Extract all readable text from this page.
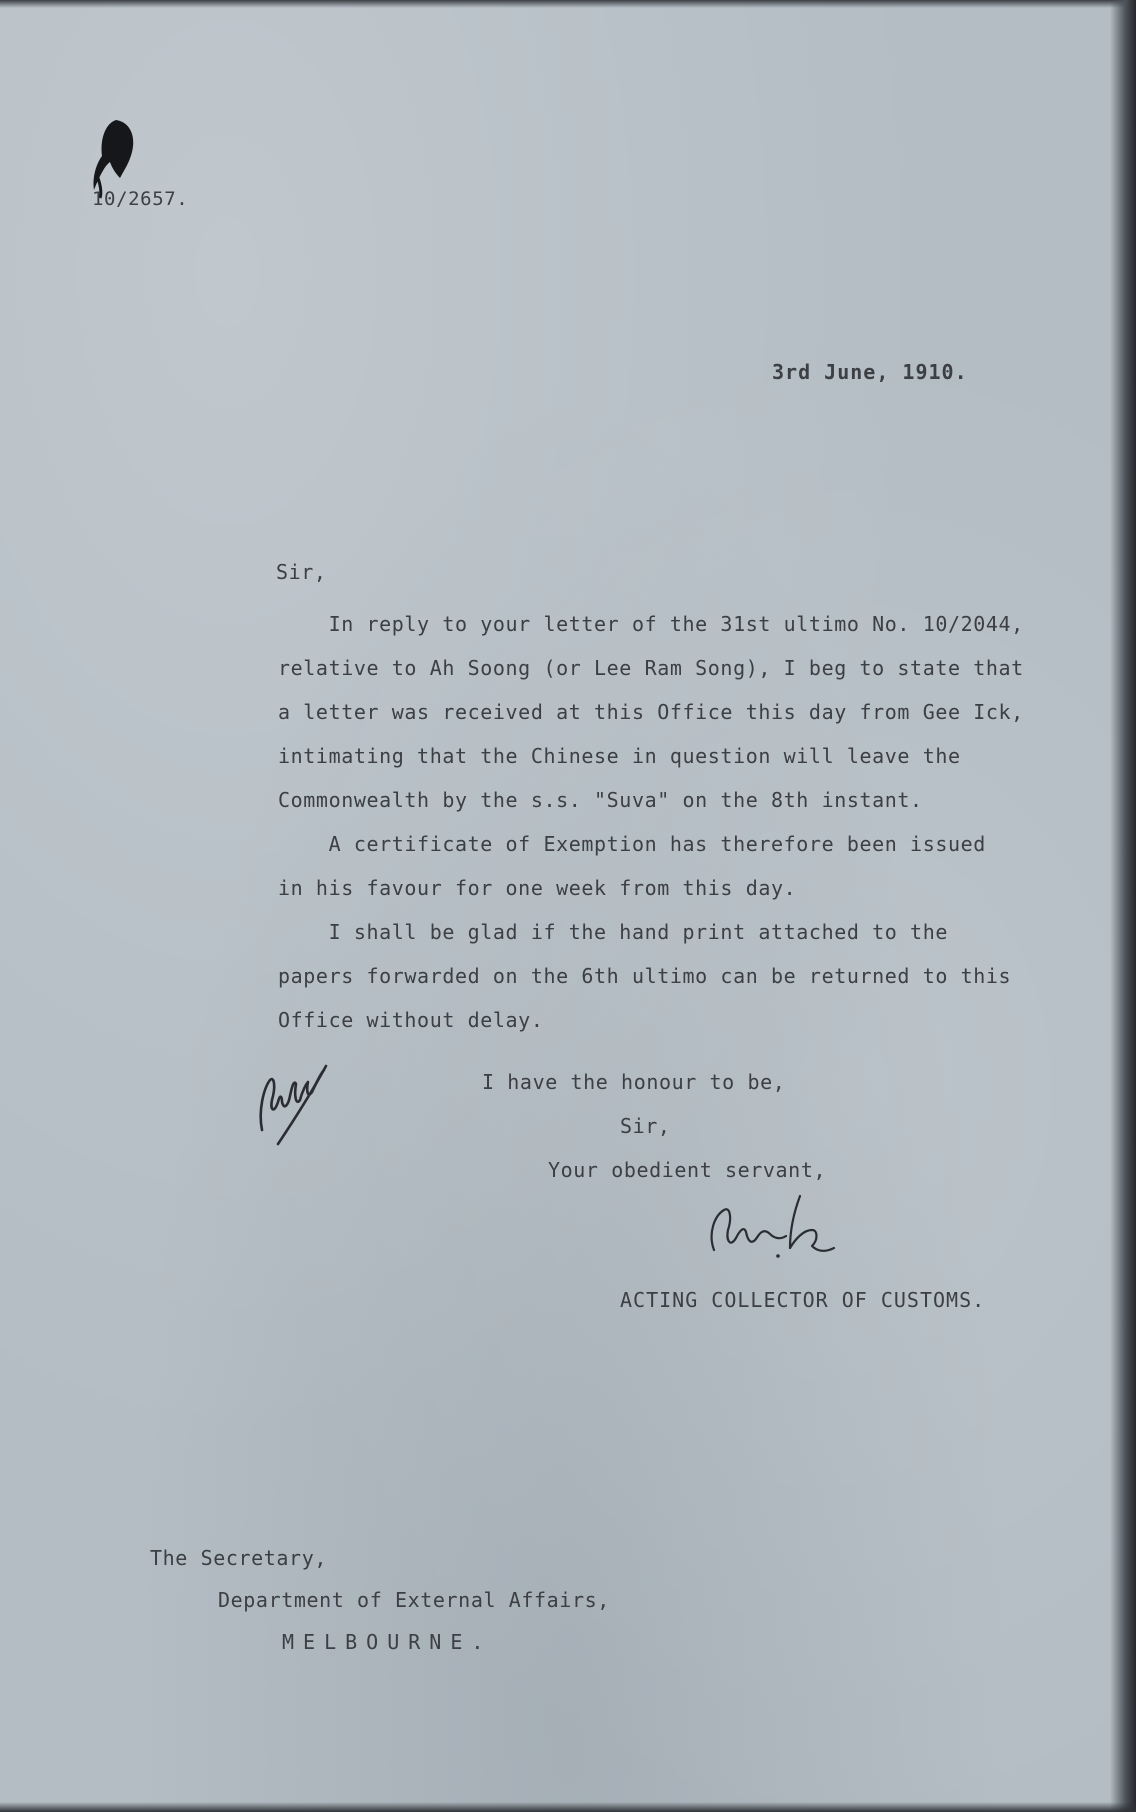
10/2657.

3rd June, 1910.

Sir,

In reply to your letter of the 31st ultimo No. 10/2044,
relative to Ah Soong (or Lee Ram Song), I beg to state that
a letter was received at this Office this day from Gee Ick,
intimating that the Chinese in question will leave the
Commonwealth by the s.s. "Suva" on the 8th instant.

A certificate of Exemption has therefore been issued
in his favour for one week from this day.

I shall be glad if the hand print attached to the
papers forwarded on the 6th ultimo can be returned to this
Office without delay.

I have the honour to be,

Sir,

Your obedient servant,

ACTING COLLECTOR OF CUSTOMS.

The Secretary,

Department of External Affairs,

MELBOURNE.
